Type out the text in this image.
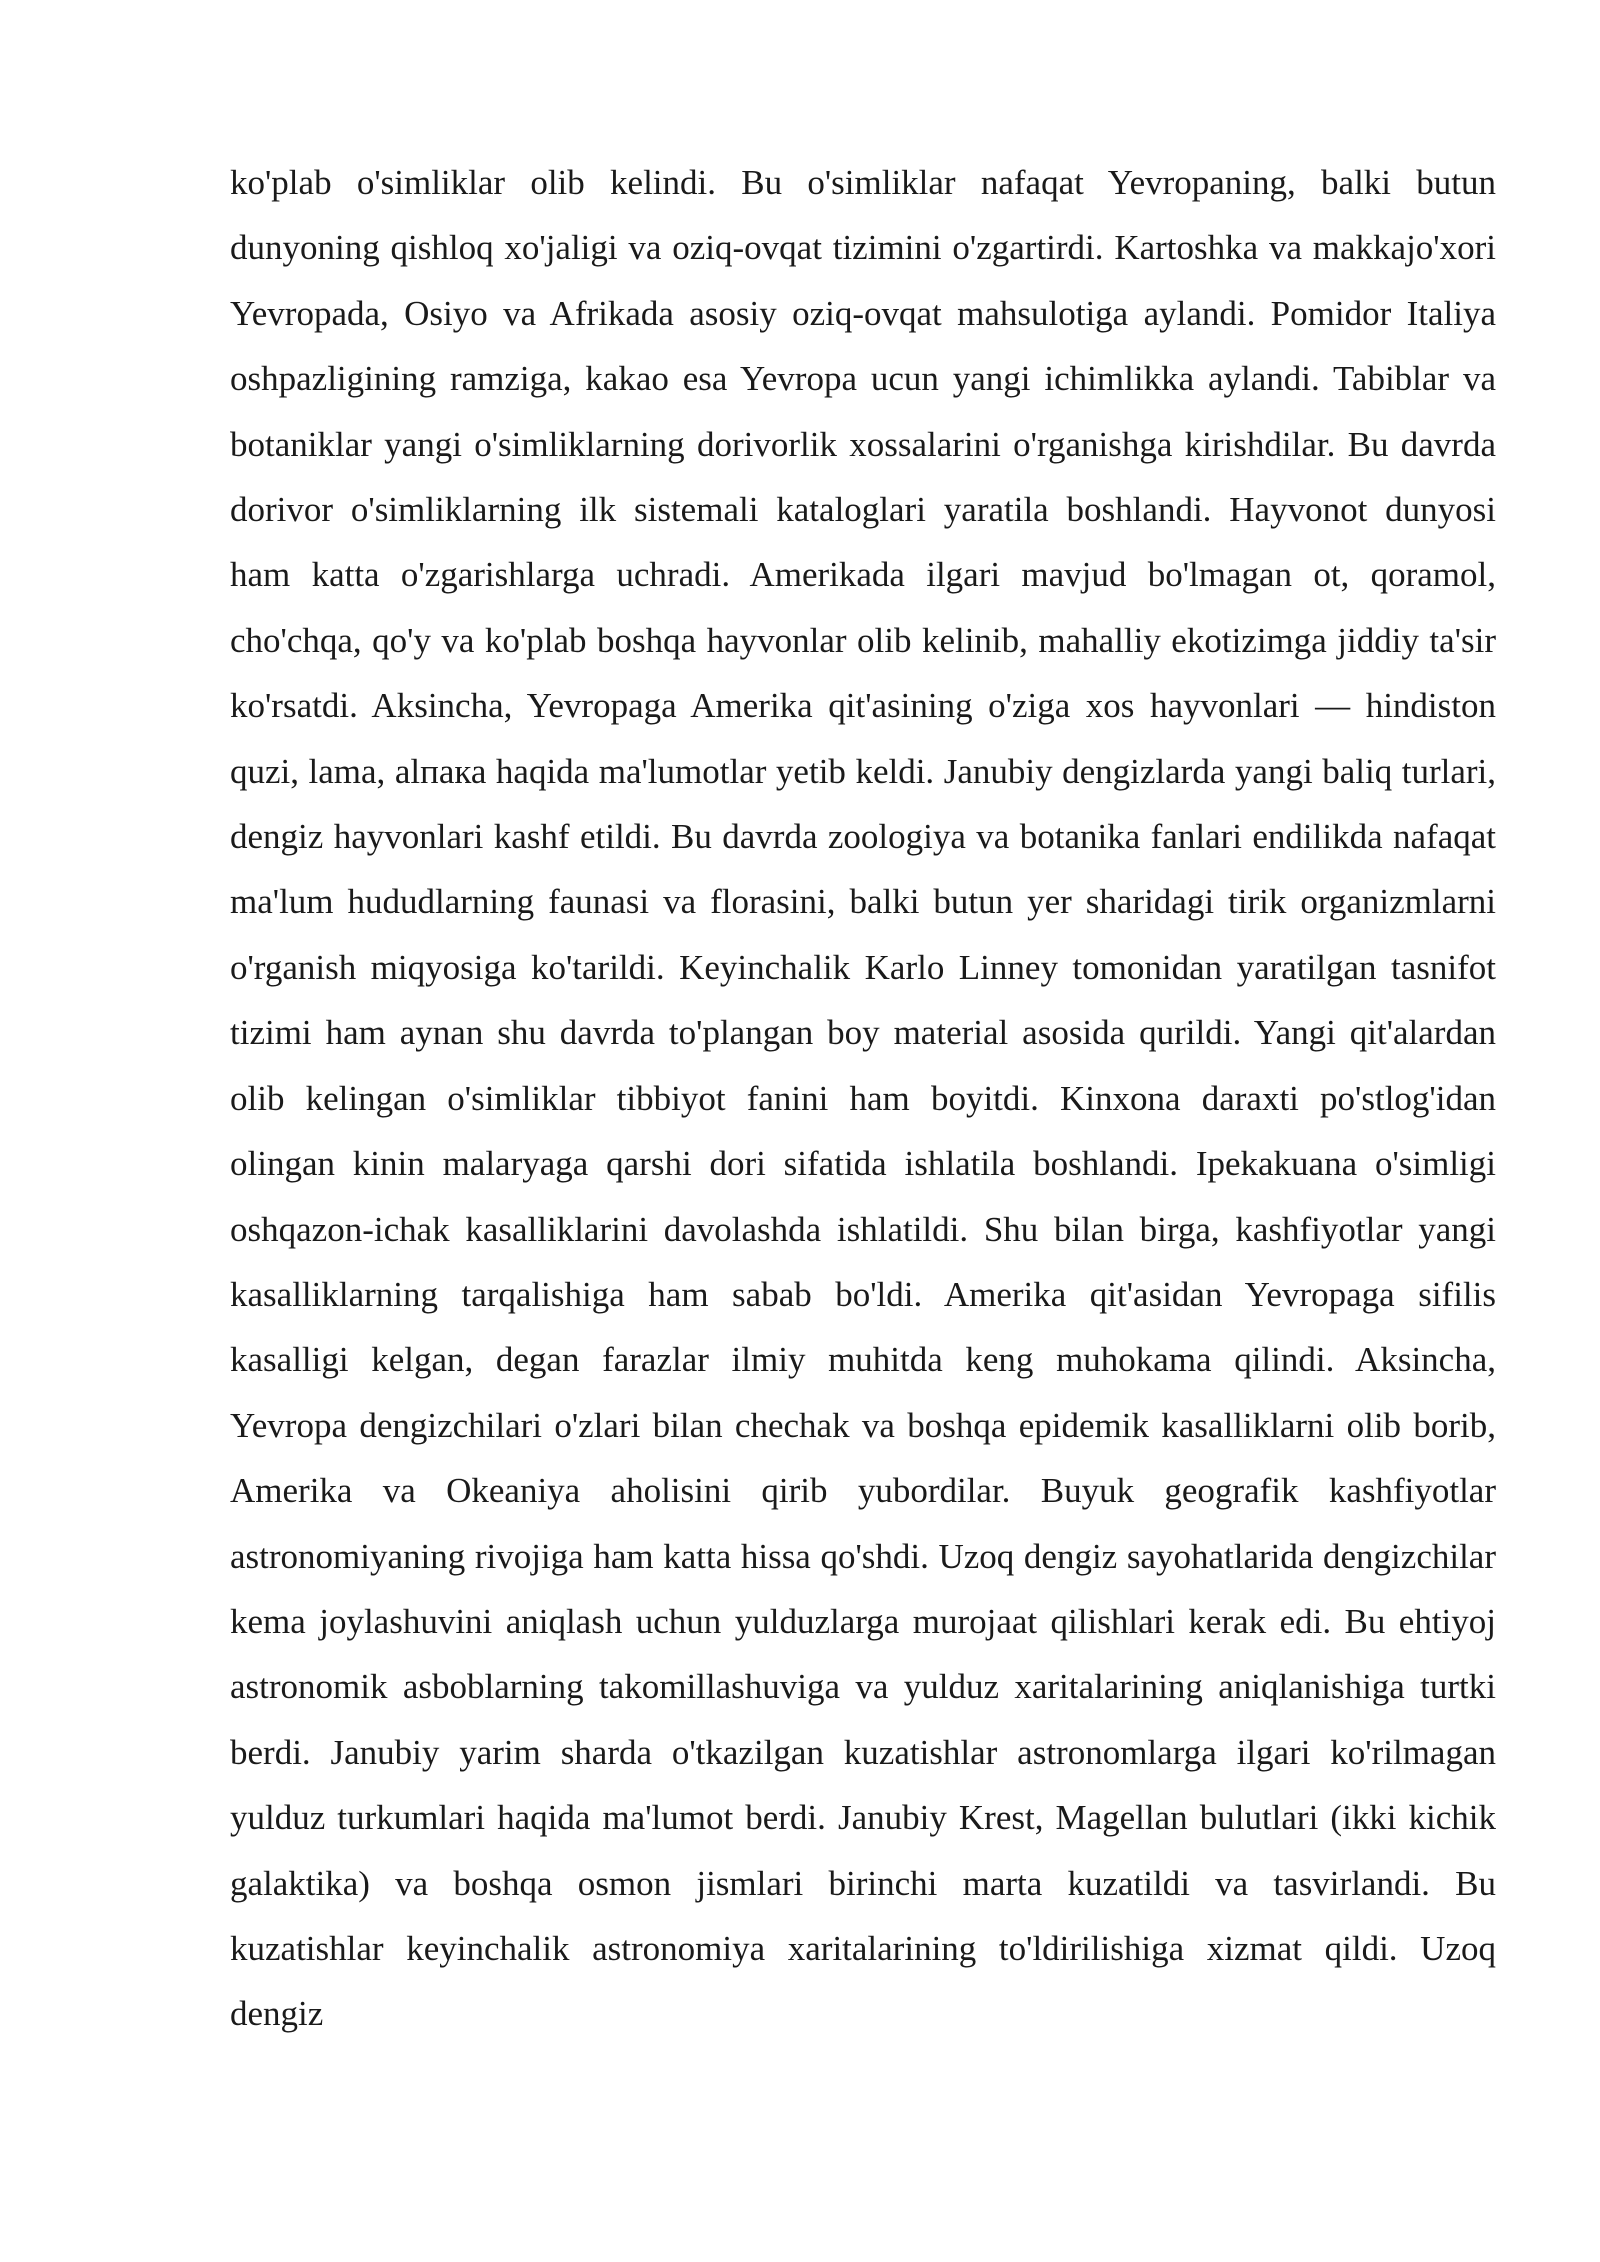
ko'plab o'simliklar olib kelindi. Bu o'simliklar nafaqat Yevropaning, balki butun dunyoning qishloq xo'jaligi va oziq-ovqat tizimini o'zgartirdi. Kartoshka va makkajo'xori Yevropada, Osiyo va Afrikada asosiy oziq-ovqat mahsulotiga aylandi. Pomidor Italiya oshpazligining ramziga, kakao esa Yevropa ucun yangi ichimlikka aylandi. Tabiblar va botaniklar yangi o'simliklarning dorivorlik xossalarini o'rganishga kirishdilar. Bu davrda dorivor o'simliklarning ilk sistemali kataloglari yaratila boshlandi. Hayvonot dunyosi ham katta o'zgarishlarga uchradi. Amerikada ilgari mavjud bo'lmagan ot, qoramol, cho'chqa, qo'y va ko'plab boshqa hayvonlar olib kelinib, mahalliy ekotizimga jiddiy ta'sir ko'rsatdi. Aksincha, Yevropaga Amerika qit'asining o'ziga xos hayvonlari — hindiston quzi, lama, alпака haqida ma'lumotlar yetib keldi. Janubiy dengizlarda yangi baliq turlari, dengiz hayvonlari kashf etildi. Bu davrda zoologiya va botanika fanlari endilikda nafaqat ma'lum hududlarning faunasi va florasini, balki butun yer sharidagi tirik organizmlarni o'rganish miqyosiga ko'tarildi. Keyinchalik Karlo Linney tomonidan yaratilgan tasnifot tizimi ham aynan shu davrda to'plangan boy material asosida qurildi. Yangi qit'alardan olib kelingan o'simliklar tibbiyot fanini ham boyitdi. Kinxona daraxti po'stlog'idan olingan kinin malaryaga qarshi dori sifatida ishlatila boshlandi. Ipekakuana o'simligi oshqazon-ichak kasalliklarini davolashda ishlatildi. Shu bilan birga, kashfiyotlar yangi kasalliklarning tarqalishiga ham sabab bo'ldi. Amerika qit'asidan Yevropaga sifilis kasalligi kelgan, degan farazlar ilmiy muhitda keng muhokama qilindi. Aksincha, Yevropa dengizchilari o'zlari bilan chechak va boshqa epidemik kasalliklarni olib borib, Amerika va Okeaniya aholisini qirib yubordilar. Buyuk geografik kashfiyotlar astronomiyaning rivojiga ham katta hissa qo'shdi. Uzoq dengiz sayohatlarida dengizchilar kema joylashuvini aniqlash uchun yulduzlarga murojaat qilishlari kerak edi. Bu ehtiyoj astronomik asboblarning takomillashuviga va yulduz xaritalarining aniqlanishiga turtki berdi. Janubiy yarim sharda o'tkazilgan kuzatishlar astronomlarga ilgari ko'rilmagan yulduz turkumlari haqida ma'lumot berdi. Janubiy Krest, Magellan bulutlari (ikki kichik galaktika) va boshqa osmon jismlari birinchi marta kuzatildi va tasvirlandi. Bu kuzatishlar keyinchalik astronomiya xaritalarining to'ldirilishiga xizmat qildi. Uzoq dengiz
